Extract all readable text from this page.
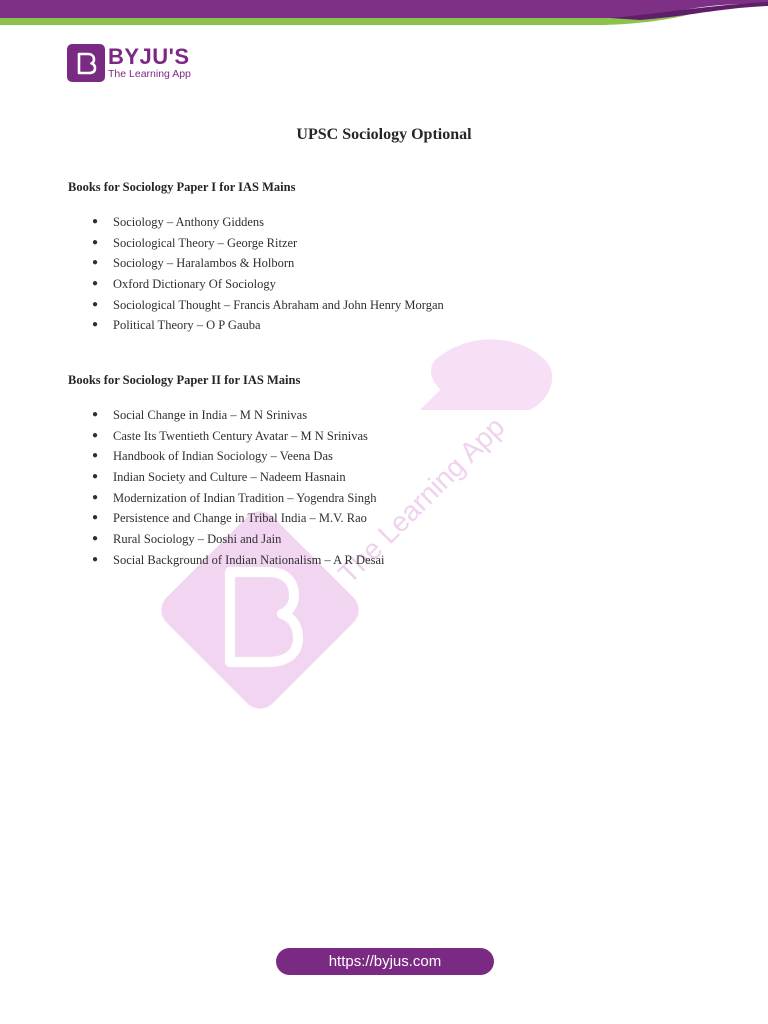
BYJU'S
The Learning App
The Learning App
UPSC Sociology Optional
Books for Sociology Paper I for IAS Mains
●	Sociology – Anthony Giddens
●	Sociological Theory – George Ritzer
●	Sociology – Haralambos & Holborn
●	Oxford Dictionary Of Sociology
●	Sociological Thought – Francis Abraham and John Henry Morgan
●	Political Theory – O P Gauba
Books for Sociology Paper II for IAS Mains
●	Social Change in India – M N Srinivas
●	Caste Its Twentieth Century Avatar – M N Srinivas
●	Handbook of Indian Sociology – Veena Das
●	Indian Society and Culture – Nadeem Hasnain
●	Modernization of Indian Tradition – Yogendra Singh
●	Persistence and Change in Tribal India – M.V. Rao
●	Rural Sociology – Doshi and Jain
●	Social Background of Indian Nationalism – A R Desai
https://byjus.com
